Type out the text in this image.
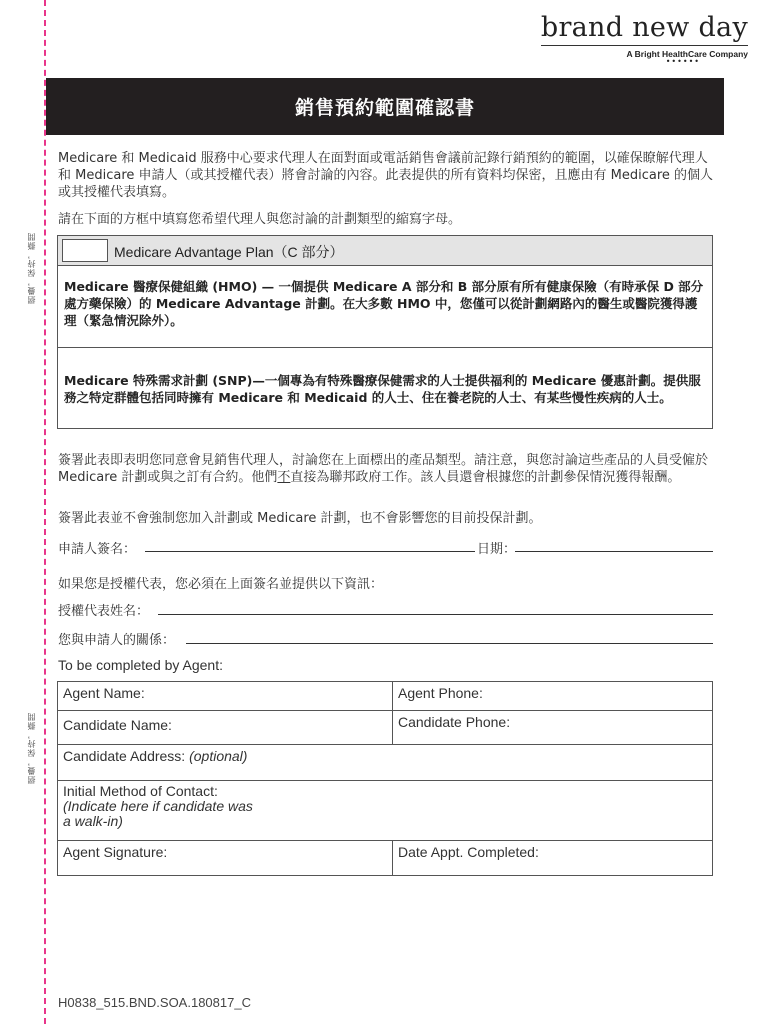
摺疊，保持，撕開
摺疊，保持，撕開
brand new day
A Bright HealthCare Company
••••••
銷售預約範圍確認書
Medicare 和 Medicaid 服務中心要求代理人在面對面或電話銷售會議前記錄行銷預約的範圍，以確保瞭解代理人和 Medicare 申請人（或其授權代表）將會討論的內容。此表提供的所有資料均保密，且應由有 Medicare 的個人或其授權代表填寫。
請在下面的方框中填寫您希望代理人與您討論的計劃類型的縮寫字母。
Medicare Advantage Plan（C 部分）
Medicare 醫療保健組織 (HMO) — 一個提供 Medicare A 部分和 B 部分原有所有健康保險（有時承保 D 部分處方藥保險）的 Medicare Advantage 計劃。在大多數 HMO 中，您僅可以從計劃網路內的醫生或醫院獲得護理（緊急情況除外）。
Medicare 特殊需求計劃 (SNP)—一個專為有特殊醫療保健需求的人士提供福利的 Medicare 優惠計劃。提供服務之特定群體包括同時擁有 Medicare 和 Medicaid 的人士、住在養老院的人士、有某些慢性疾病的人士。
簽署此表即表明您同意會見銷售代理人，討論您在上面標出的產品類型。請注意，與您討論這些產品的人員受僱於 Medicare 計劃或與之訂有合約。他們不直接為聯邦政府工作。該人員還會根據您的計劃參保情況獲得報酬。
簽署此表並不會強制您加入計劃或 Medicare 計劃，也不會影響您的目前投保計劃。
申請人簽名：	日期：
如果您是授權代表，您必須在上面簽名並提供以下資訊：
授權代表姓名：
您與申請人的關係：
To be completed by Agent:
Agent Name:	Agent Phone:
Candidate Name:	Candidate Phone:
Candidate Address: (optional)	

Initial Method of Contact:
(Indicate here if candidate was a walk-in)	

Agent Signature:	Date Appt. Completed:
H0838_515.BND.SOA.180817_C
